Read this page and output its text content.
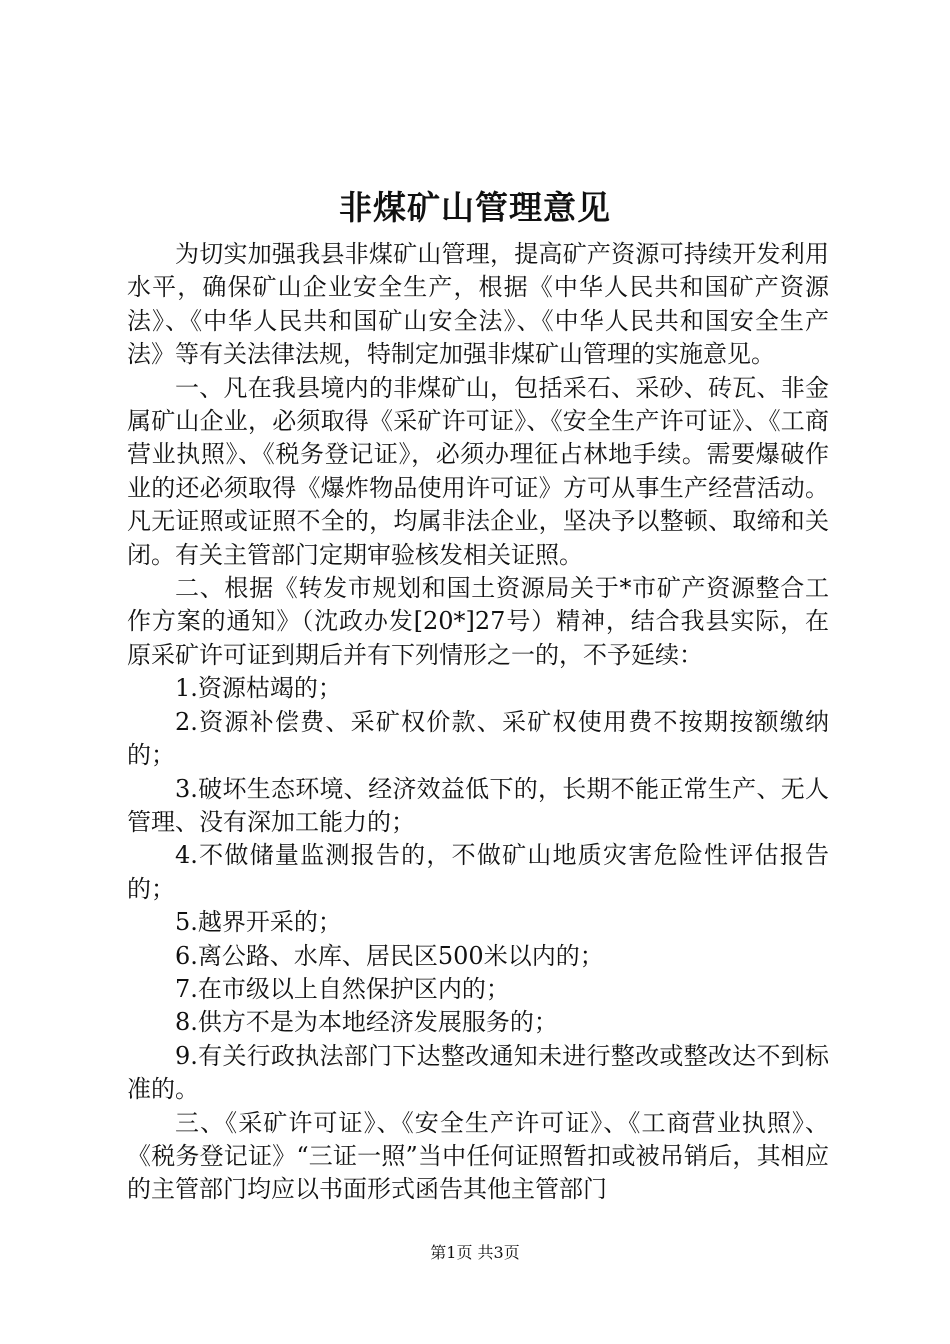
非煤矿山管理意见

为切实加强我县非煤矿山管理，提高矿产资源可持续开发利用水平，确保矿山企业安全生产，根据《中华人民共和国矿产资源法》、《中华人民共和国矿山安全法》、《中华人民共和国安全生产法》等有关法律法规，特制定加强非煤矿山管理的实施意见。

一、凡在我县境内的非煤矿山，包括采石、采砂、砖瓦、非金属矿山企业，必须取得《采矿许可证》、《安全生产许可证》、《工商营业执照》、《税务登记证》，必须办理征占林地手续。需要爆破作业的还必须取得《爆炸物品使用许可证》方可从事生产经营活动。凡无证照或证照不全的，均属非法企业，坚决予以整顿、取缔和关闭。有关主管部门定期审验核发相关证照。

二、根据《转发市规划和国土资源局关于*市矿产资源整合工作方案的通知》（沈政办发[20*]27号）精神，结合我县实际，在原采矿许可证到期后并有下列情形之一的，不予延续：

1.资源枯竭的；

2.资源补偿费、采矿权价款、采矿权使用费不按期按额缴纳的；

3.破坏生态环境、经济效益低下的，长期不能正常生产、无人管理、没有深加工能力的；

4.不做储量监测报告的，不做矿山地质灾害危险性评估报告的；

5.越界开采的；

6.离公路、水库、居民区500米以内的；

7.在市级以上自然保护区内的；

8.供方不是为本地经济发展服务的；

9.有关行政执法部门下达整改通知未进行整改或整改达不到标准的。

三、《采矿许可证》、《安全生产许可证》、《工商营业执照》、《税务登记证》“三证一照”当中任何证照暂扣或被吊销后，其相应的主管部门均应以书面形式函告其他主管部门

第1页 共3页
